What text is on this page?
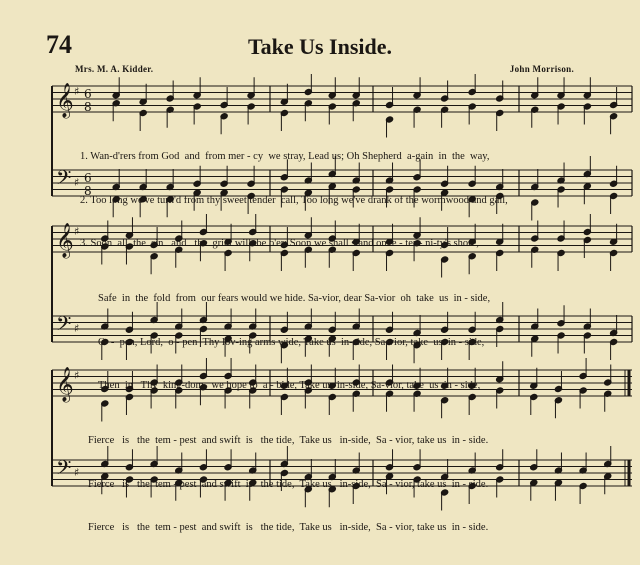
74	Take Us Inside.
Mrs. M. A. Kidder.	John Morrison.
𝄞
𝄢
♯
♯
6
8
6
8
𝄞
𝄢
♯
♯
𝄞
𝄢
♯
♯

1. Wan-d'rers from God  and  from mer - cy  we stray, Lead us; Oh Shepherd  a-gain  in  the  way,

2. Too long we've turn'd from thy sweet tender  call, Too long we've drank of the wormwood and gall,

3. Soon  all  the  sin   and   the  grief will  be o'er; Soon we shall stand on  e - ter - ni-ty's shore,

Safe  in  the  fold  from  our fears would we hide. Sa-vior, dear Sa-vior  oh  take  us  in - side,

O  -  pen, Lord,  o - pen  Thy lov-ing arms wide, Take us  in-side, Sa-vior, take  us  in - side,

Then  in   Thy  king-dom   we hope to  a - bide, Take us  in-side, Sa-vior, take  us  in - side,

Fierce   is   the  tem - pest  and swift  is   the tide,  Take us   in-side,  Sa - vior, take us  in - side.

Fierce   is   the  tem - pest  and swift  is   the tide,  Take us   in-side,  Sa - vior, take us  in - side.

Fierce   is   the  tem - pest  and swift  is   the tide,  Take us   in-side,  Sa - vior, take us  in - side.
